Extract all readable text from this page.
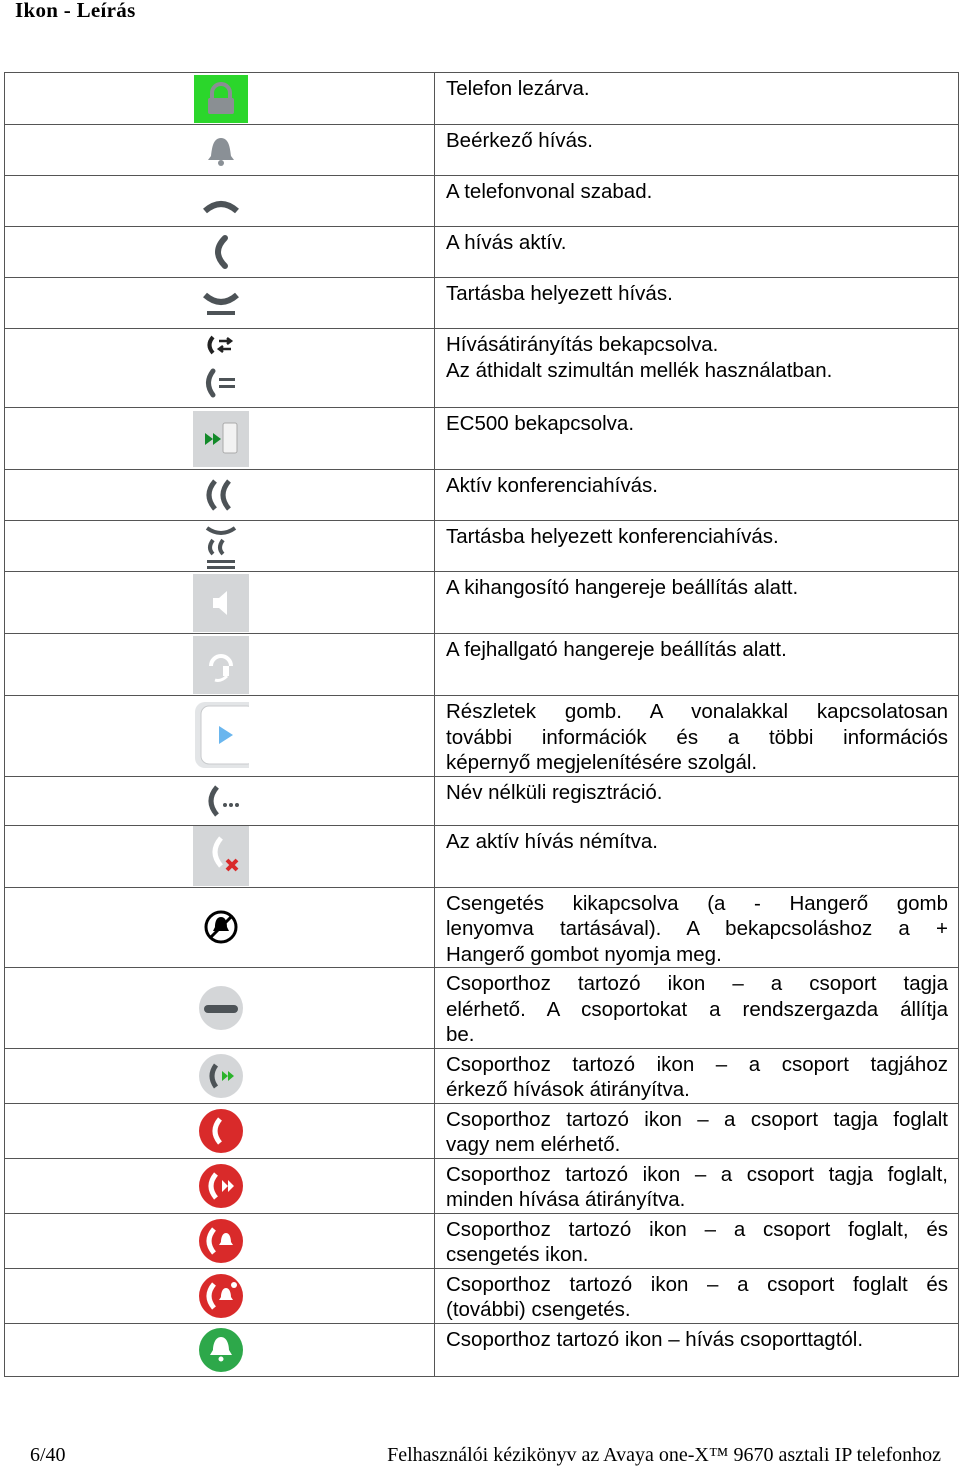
Ikon - Leírás

Telefon lezárva.

Beérkező hívás.

A telefonvonal szabad.

A hívás aktív.

Tartásba helyezett hívás.

Hívásátirányítás bekapcsolva.
Az áthidalt szimultán mellék használatban.

EC500 bekapcsolva.

Aktív konferenciahívás.

Tartásba helyezett konferenciahívás.

A kihangosító hangereje beállítás alatt.

A fejhallgató hangereje beállítás alatt.

Részletek gomb. A vonalakkal kapcsolatosan
további információk és a többi információs
képernyő megjelenítésére szolgál.

Név nélküli regisztráció.

Az aktív hívás némítva.

Csengetés kikapcsolva (a - Hangerő gomb
lenyomva tartásával). A bekapcsoláshoz a +
Hangerő gombot nyomja meg.

Csoporthoz tartozó ikon – a csoport tagja
elérhető. A csoportokat a rendszergazda állítja
be.

Csoporthoz tartozó ikon – a csoport tagjához
érkező hívások átirányítva.

Csoporthoz tartozó ikon – a csoport tagja foglalt
vagy nem elérhető.

Csoporthoz tartozó ikon – a csoport tagja foglalt,
minden hívása átirányítva.

Csoporthoz tartozó ikon – a csoport foglalt, és
csengetés ikon.

Csoporthoz tartozó ikon – a csoport foglalt és
(további) csengetés.

Csoporthoz tartozó ikon – hívás csoporttagtól.
6/40	Felhasználói kézikönyv az Avaya one-X™ 9670 asztali IP telefonhoz
